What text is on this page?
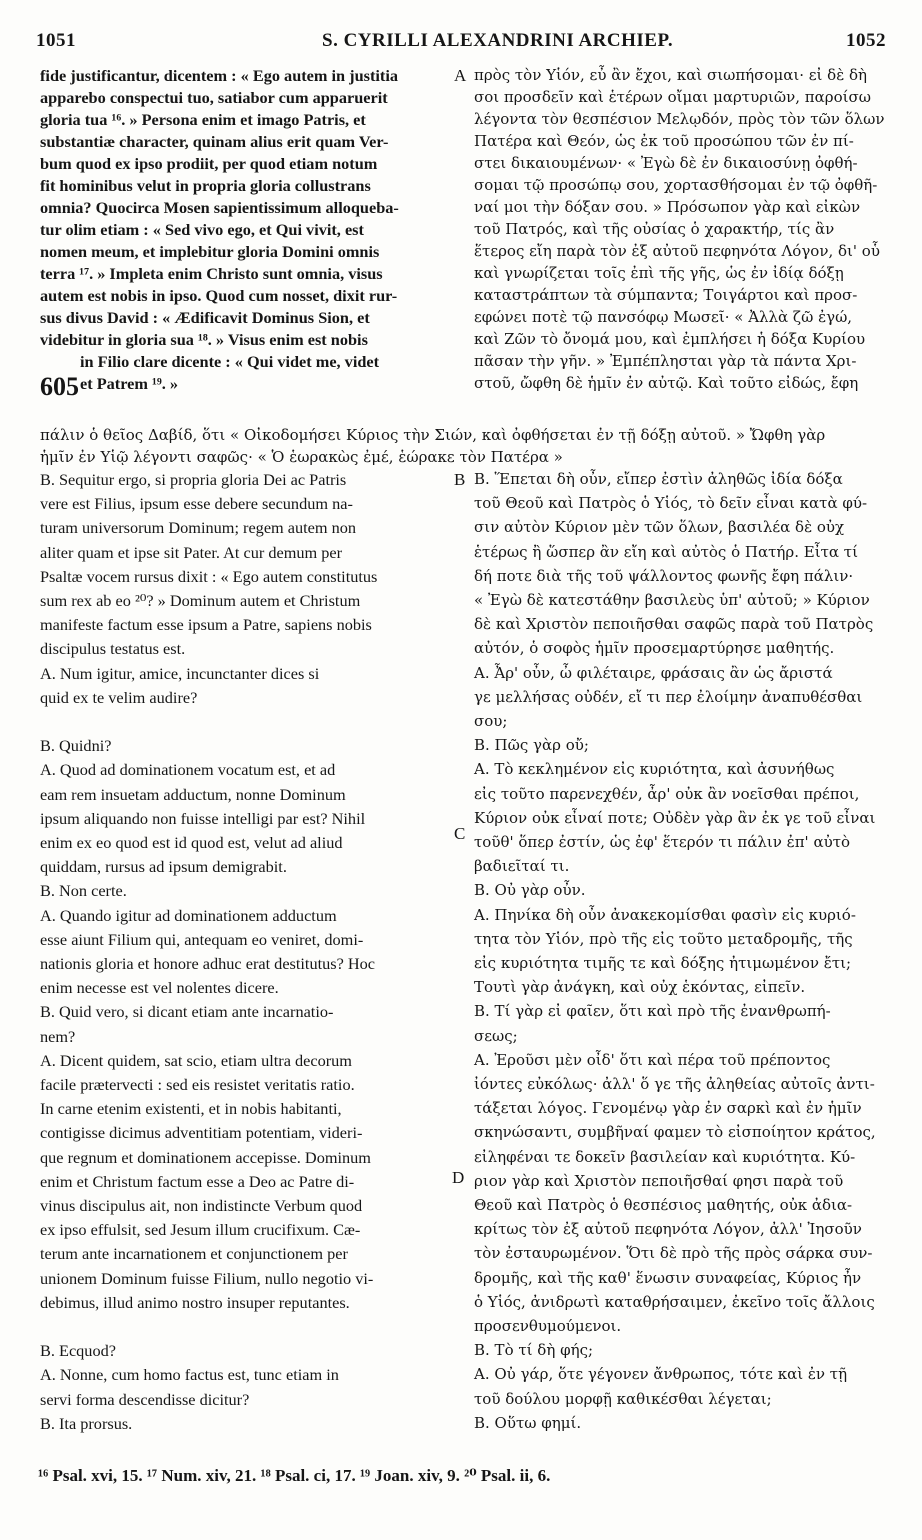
1051	S. CYRILLI ALEXANDRINI ARCHIEP.	1052
A
B
C
D
605
fide justificantur, dicentem : « Ego autem in justitia
apparebo conspectui tuo, satiabor cum apparuerit
gloria tua ¹⁶. » Persona enim et imago Patris, et
substantiæ character, quinam alius erit quam Ver-
bum quod ex ipso prodiit, per quod etiam notum
fit hominibus velut in propria gloria collustrans
omnia? Quocirca Mosen sapientissimum alloqueba-
tur olim etiam : « Sed vivo ego, et Qui vivit, est
nomen meum, et implebitur gloria Domini omnis
terra ¹⁷. » Impleta enim Christo sunt omnia, visus
autem est nobis in ipso. Quod cum nosset, dixit rur-
sus divus David : « Ædificavit Dominus Sion, et
videbitur in gloria sua ¹⁸. » Visus enim est nobis
in Filio clare dicente : « Qui videt me, videt
et Patrem ¹⁹. »
πρὸς τὸν Υἱόν, εὖ ἂν ἔχοι, καὶ σιωπήσομαι· εἰ δὲ δὴ
σοι προσδεῖν καὶ ἑτέρων οἴμαι μαρτυριῶν, παροίσω
λέγοντα τὸν θεσπέσιον Μελῳδόν, πρὸς τὸν τῶν ὅλων
Πατέρα καὶ Θεόν, ὡς ἐκ τοῦ προσώπου τῶν ἐν πί-
στει δικαιουμένων· « Ἐγὼ δὲ ἐν δικαιοσύνῃ ὀφθή-
σομαι τῷ προσώπῳ σου, χορτασθήσομαι ἐν τῷ ὀφθῆ-
ναί μοι τὴν δόξαν σου. » Πρόσωπον γὰρ καὶ εἰκὼν
τοῦ Πατρός, καὶ τῆς οὐσίας ὁ χαρακτήρ, τίς ἂν
ἕτερος εἴη παρὰ τὸν ἐξ αὐτοῦ πεφηνότα Λόγον, δι' οὗ
καὶ γνωρίζεται τοῖς ἐπὶ τῆς γῆς, ὡς ἐν ἰδίᾳ δόξῃ
καταστράπτων τὰ σύμπαντα; Τοιγάρτοι καὶ προσ-
εφώνει ποτὲ τῷ πανσόφῳ Μωσεῖ· « Ἀλλὰ ζῶ ἐγώ,
καὶ Ζῶν τὸ ὄνομά μου, καὶ ἐμπλήσει ἡ δόξα Κυρίου
πᾶσαν τὴν γῆν. » Ἐμπέπλησται γὰρ τὰ πάντα Χρι-
στοῦ, ὤφθη δὲ ἡμῖν ἐν αὐτῷ. Καὶ τοῦτο εἰδώς, ἔφη
πάλιν ὁ θεῖος Δαβίδ, ὅτι « Οἰκοδομήσει Κύριος τὴν Σιών, καὶ ὀφθήσεται ἐν τῇ δόξῃ αὐτοῦ. » Ὤφθη γὰρ
ἡμῖν ἐν Υἱῷ λέγοντι σαφῶς· « Ὁ ἑωρακὼς ἐμέ, ἑώρακε τὸν Πατέρα »
B. Sequitur ergo, si propria gloria Dei ac Patris
vere est Filius, ipsum esse debere secundum na-
turam universorum Dominum; regem autem non
aliter quam et ipse sit Pater. At cur demum per
Psaltæ vocem rursus dixit : « Ego autem constitutus
sum rex ab eo ²⁰? » Dominum autem et Christum
manifeste factum esse ipsum a Patre, sapiens nobis
discipulus testatus est.
A. Num igitur, amice, incunctanter dices si
quid ex te velim audire?
B. Quidni?
A. Quod ad dominationem vocatum est, et ad
eam rem insuetam adductum, nonne Dominum
ipsum aliquando non fuisse intelligi par est? Nihil
enim ex eo quod est id quod est, velut ad aliud
quiddam, rursus ad ipsum demigrabit.
B. Non certe.
A. Quando igitur ad dominationem adductum
esse aiunt Filium qui, antequam eo veniret, domi-
nationis gloria et honore adhuc erat destitutus? Hoc
enim necesse est vel nolentes dicere.
B. Quid vero, si dicant etiam ante incarnatio-
nem?
A. Dicent quidem, sat scio, etiam ultra decorum
facile prætervecti : sed eis resistet veritatis ratio.
In carne etenim existenti, et in nobis habitanti,
contigisse dicimus adventitiam potentiam, videri-
que regnum et dominationem accepisse. Dominum
enim et Christum factum esse a Deo ac Patre di-
vinus discipulus ait, non indistincte Verbum quod
ex ipso effulsit, sed Jesum illum crucifixum. Cæ-
terum ante incarnationem et conjunctionem per
unionem Dominum fuisse Filium, nullo negotio vi-
debimus, illud animo nostro insuper reputantes.
B. Ecquod?
A. Nonne, cum homo factus est, tunc etiam in
servi forma descendisse dicitur?
B. Ita prorsus.
Β. Ἕπεται δὴ οὖν, εἴπερ ἐστὶν ἀληθῶς ἰδία δόξα
τοῦ Θεοῦ καὶ Πατρὸς ὁ Υἱός, τὸ δεῖν εἶναι κατὰ φύ-
σιν αὐτὸν Κύριον μὲν τῶν ὅλων, βασιλέα δὲ οὐχ
ἑτέρως ἢ ὥσπερ ἂν εἴη καὶ αὐτὸς ὁ Πατήρ. Εἶτα τί
δή ποτε διὰ τῆς τοῦ ψάλλοντος φωνῆς ἔφη πάλιν·
« Ἐγὼ δὲ κατεστάθην βασιλεὺς ὑπ' αὐτοῦ; » Κύριον
δὲ καὶ Χριστὸν πεποιῆσθαι σαφῶς παρὰ τοῦ Πατρὸς
αὐτόν, ὁ σοφὸς ἡμῖν προσεμαρτύρησε μαθητής.
Α. Ἆρ' οὖν, ὦ φιλέταιρε, φράσαις ἂν ὡς ἄριστά
γε μελλήσας οὐδέν, εἴ τι περ ἐλοίμην ἀναπυθέσθαι
σου;
Β. Πῶς γὰρ οὔ;
Α. Τὸ κεκλημένον εἰς κυριότητα, καὶ ἀσυνήθως
εἰς τοῦτο παρενεχθέν, ἆρ' οὐκ ἂν νοεῖσθαι πρέποι,
Κύριον οὐκ εἶναί ποτε; Οὐδὲν γὰρ ἂν ἐκ γε τοῦ εἶναι
τοῦθ' ὅπερ ἐστίν, ὡς ἐφ' ἕτερόν τι πάλιν ἐπ' αὐτὸ
βαδιεῖταί τι.
Β. Οὐ γὰρ οὖν.
Α. Πηνίκα δὴ οὖν ἀνακεκομίσθαι φασὶν εἰς κυριό-
τητα τὸν Υἱόν, πρὸ τῆς εἰς τοῦτο μεταδρομῆς, τῆς
εἰς κυριότητα τιμῆς τε καὶ δόξης ἠτιμωμένον ἔτι;
Τουτὶ γὰρ ἀνάγκη, καὶ οὐχ ἑκόντας, εἰπεῖν.
Β. Τί γὰρ εἰ φαῖεν, ὅτι καὶ πρὸ τῆς ἐνανθρωπή-
σεως;
Α. Ἐροῦσι μὲν οἶδ' ὅτι καὶ πέρα τοῦ πρέποντος
ἰόντες εὐκόλως· ἀλλ' ὅ γε τῆς ἀληθείας αὐτοῖς ἀντι-
τάξεται λόγος. Γενομένῳ γὰρ ἐν σαρκὶ καὶ ἐν ἡμῖν
σκηνώσαντι, συμβῆναί φαμεν τὸ εἰσποίητον κράτος,
εἰληφέναι τε δοκεῖν βασιλείαν καὶ κυριότητα. Κύ-
ριον γὰρ καὶ Χριστὸν πεποιῆσθαί φησι παρὰ τοῦ
Θεοῦ καὶ Πατρὸς ὁ θεσπέσιος μαθητής, οὐκ ἀδια-
κρίτως τὸν ἐξ αὐτοῦ πεφηνότα Λόγον, ἀλλ' Ἰησοῦν
τὸν ἐσταυρωμένον. Ὅτι δὲ πρὸ τῆς πρὸς σάρκα συν-
δρομῆς, καὶ τῆς καθ' ἕνωσιν συναφείας, Κύριος ἦν
ὁ Υἱός, ἀνιδρωτὶ καταθρήσαιμεν, ἐκεῖνο τοῖς ἄλλοις
προσενθυμούμενοι.
Β. Τὸ τί δὴ φής;
Α. Οὐ γάρ, ὅτε γέγονεν ἄνθρωπος, τότε καὶ ἐν τῇ
τοῦ δούλου μορφῇ καθικέσθαι λέγεται;
Β. Οὕτω φημί.
¹⁶ Psal. xvi, 15. ¹⁷ Num. xiv, 21. ¹⁸ Psal. ci, 17. ¹⁹ Joan. xiv, 9. ²⁰ Psal. ii, 6.
